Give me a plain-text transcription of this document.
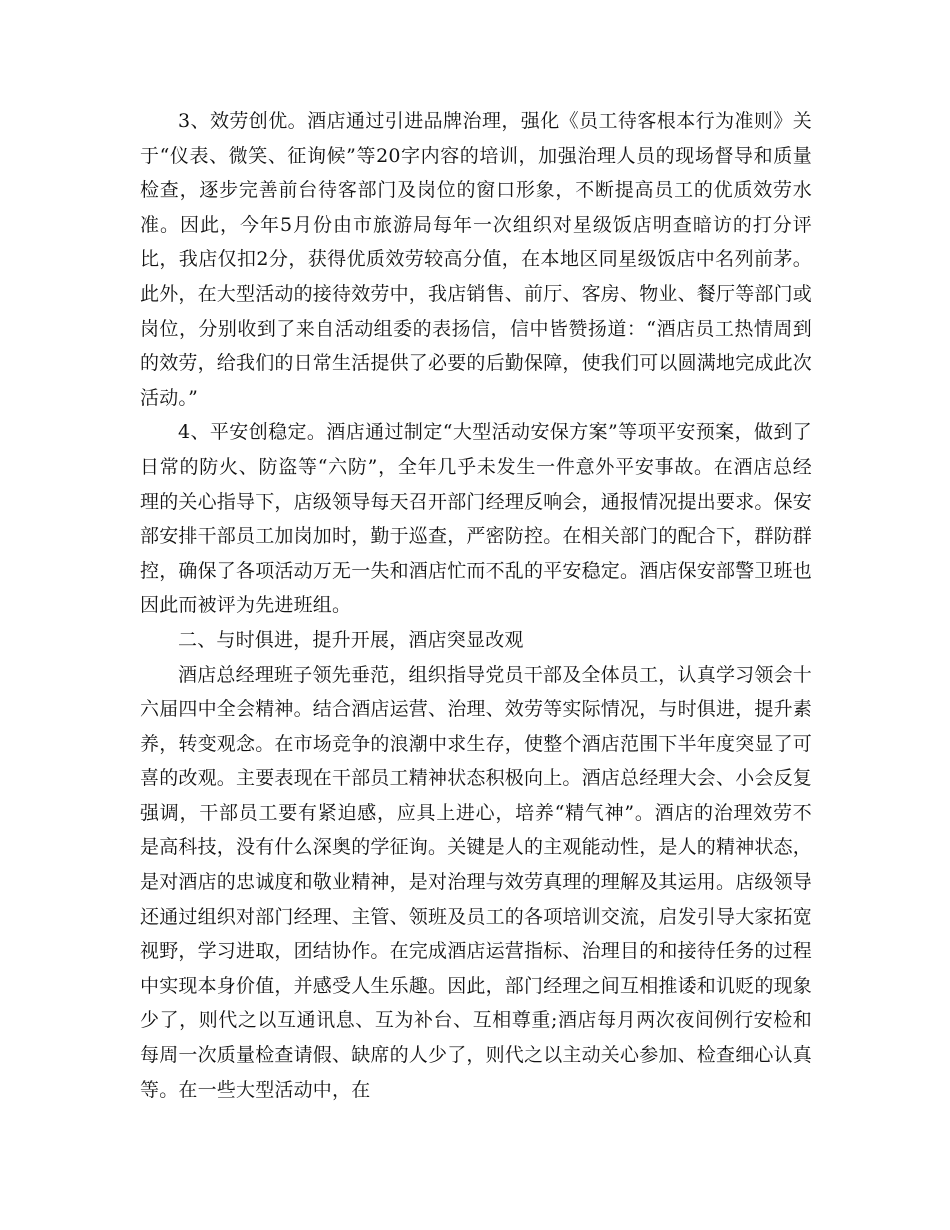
3、效劳创优。酒店通过引进品牌治理，强化《员工待客根本行为准则》关于“仪表、微笑、征询候”等20字内容的培训，加强治理人员的现场督导和质量检查，逐步完善前台待客部门及岗位的窗口形象，不断提高员工的优质效劳水准。因此，今年5月份由市旅游局每年一次组织对星级饭店明查暗访的打分评比，我店仅扣2分，获得优质效劳较高分值，在本地区同星级饭店中名列前茅。此外，在大型活动的接待效劳中，我店销售、前厅、客房、物业、餐厅等部门或岗位，分别收到了来自活动组委的表扬信，信中皆赞扬道：“酒店员工热情周到的效劳，给我们的日常生活提供了必要的后勤保障，使我们可以圆满地完成此次活动。”

4、平安创稳定。酒店通过制定“大型活动安保方案”等项平安预案，做到了日常的防火、防盗等“六防”，全年几乎未发生一件意外平安事故。在酒店总经理的关心指导下，店级领导每天召开部门经理反响会，通报情况提出要求。保安部安排干部员工加岗加时，勤于巡查，严密防控。在相关部门的配合下，群防群控，确保了各项活动万无一失和酒店忙而不乱的平安稳定。酒店保安部警卫班也因此而被评为先进班组。

二、与时俱进，提升开展，酒店突显改观

酒店总经理班子领先垂范，组织指导党员干部及全体员工，认真学习领会十六届四中全会精神。结合酒店运营、治理、效劳等实际情况，与时俱进，提升素养，转变观念。在市场竞争的浪潮中求生存，使整个酒店范围下半年度突显了可喜的改观。主要表现在干部员工精神状态积极向上。酒店总经理大会、小会反复强调，干部员工要有紧迫感，应具上进心，培养“精气神”。酒店的治理效劳不是高科技，没有什么深奥的学征询。关键是人的主观能动性，是人的精神状态，是对酒店的忠诚度和敬业精神，是对治理与效劳真理的理解及其运用。店级领导还通过组织对部门经理、主管、领班及员工的各项培训交流，启发引导大家拓宽视野，学习进取，团结协作。在完成酒店运营指标、治理目的和接待任务的过程中实现本身价值，并感受人生乐趣。因此，部门经理之间互相推诿和讥贬的现象少了，则代之以互通讯息、互为补台、互相尊重;酒店每月两次夜间例行安检和每周一次质量检查请假、缺席的人少了，则代之以主动关心参加、检查细心认真等。在一些大型活动中，在
